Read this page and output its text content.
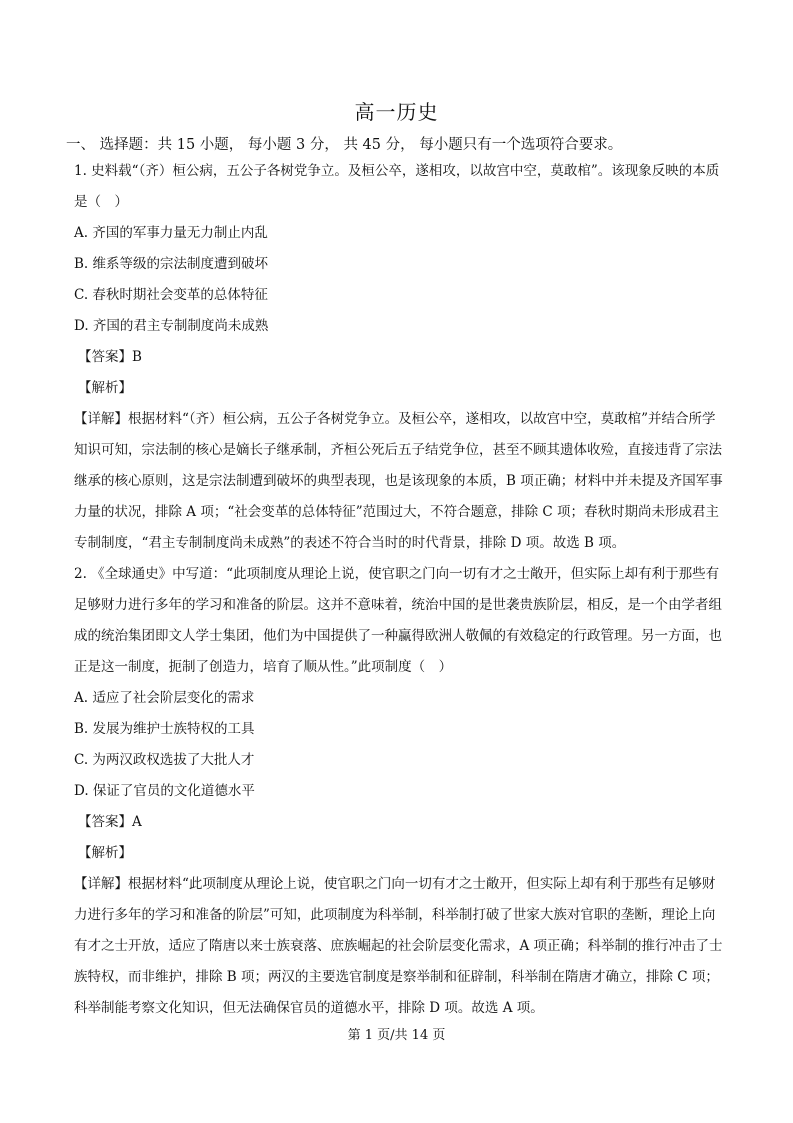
高一历史
一、 选择题：共 15 小题， 每小题 3 分， 共 45 分， 每小题只有一个选项符合要求。

1. 史料载“（齐）桓公病，五公子各树党争立。及桓公卒，遂相攻，以故宫中空，莫敢棺”。该现象反映的本质是（　）

A. 齐国的军事力量无力制止内乱

B. 维系等级的宗法制度遭到破坏

C. 春秋时期社会变革的总体特征

D. 齐国的君主专制制度尚未成熟

【答案】B

【解析】

【详解】根据材料“（齐）桓公病，五公子各树党争立。及桓公卒，遂相攻，以故宫中空，莫敢棺”并结合所学知识可知，宗法制的核心是嫡长子继承制，齐桓公死后五子结党争位，甚至不顾其遗体收殓，直接违背了宗法继承的核心原则，这是宗法制遭到破坏的典型表现，也是该现象的本质，B 项正确；材料中并未提及齐国军事力量的状况，排除 A 项；“社会变革的总体特征”范围过大，不符合题意，排除 C 项；春秋时期尚未形成君主专制制度，“君主专制制度尚未成熟”的表述不符合当时的时代背景，排除 D 项。故选 B 项。

2. 《全球通史》中写道：“此项制度从理论上说，使官职之门向一切有才之士敞开，但实际上却有利于那些有足够财力进行多年的学习和准备的阶层。这并不意味着，统治中国的是世袭贵族阶层，相反，是一个由学者组成的统治集团即文人学士集团，他们为中国提供了一种赢得欧洲人敬佩的有效稳定的行政管理。另一方面，也正是这一制度，扼制了创造力，培育了顺从性。”此项制度（　）

A. 适应了社会阶层变化的需求

B. 发展为维护士族特权的工具

C. 为两汉政权选拔了大批人才

D. 保证了官员的文化道德水平

【答案】A

【解析】

【详解】根据材料“此项制度从理论上说，使官职之门向一切有才之士敞开，但实际上却有利于那些有足够财力进行多年的学习和准备的阶层”可知，此项制度为科举制，科举制打破了世家大族对官职的垄断，理论上向有才之士开放，适应了隋唐以来士族衰落、庶族崛起的社会阶层变化需求，A 项正确；科举制的推行冲击了士族特权，而非维护，排除 B 项；两汉的主要选官制度是察举制和征辟制，科举制在隋唐才确立，排除 C 项；科举制能考察文化知识，但无法确保官员的道德水平，排除 D 项。故选 A 项。

第 1 页/共 14 页
